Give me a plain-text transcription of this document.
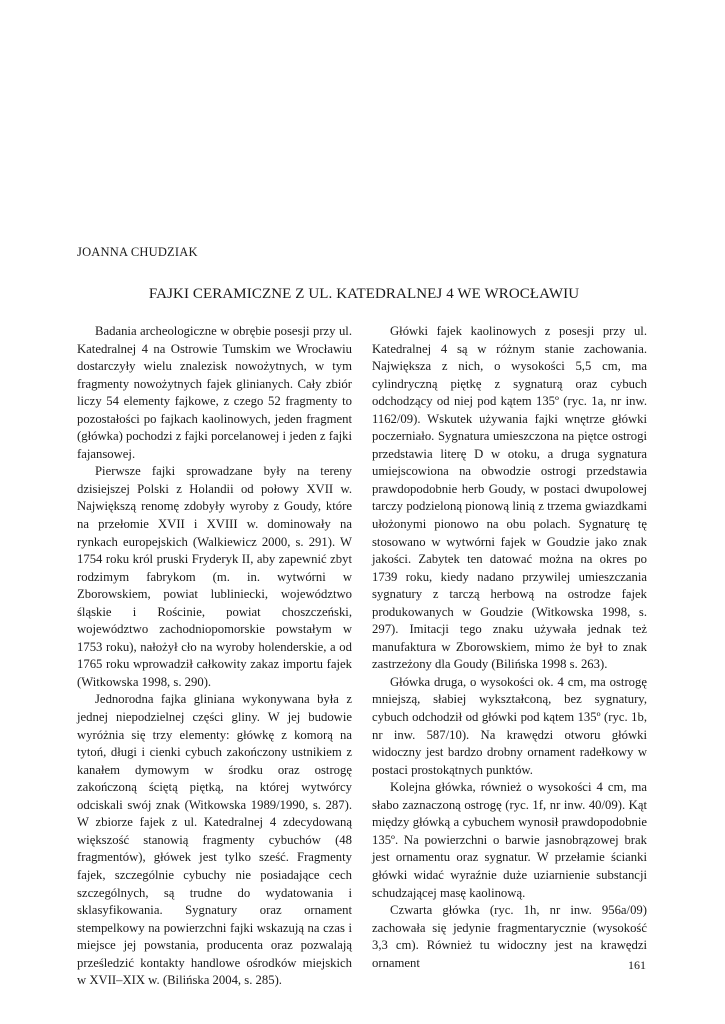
JOANNA CHUDZIAK
FAJKI CERAMICZNE Z UL. KATEDRALNEJ 4 WE WROCŁAWIU

Badania archeologiczne w obrębie posesji przy ul. Katedralnej 4 na Ostrowie Tumskim we Wrocławiu dostarczyły wielu znalezisk nowożytnych, w tym fragmenty nowożytnych fajek glinianych. Cały zbiór liczy 54 elementy fajkowe, z czego 52 fragmenty to pozostałości po fajkach kaolinowych, jeden fragment (główka) pochodzi z fajki porcelanowej i jeden z fajki fajansowej.

Pierwsze fajki sprowadzane były na tereny dzisiejszej Polski z Holandii od połowy XVII w. Największą renomę zdobyły wyroby z Goudy, które na przełomie XVII i XVIII w. dominowały na rynkach europejskich (Walkiewicz 2000, s. 291). W 1754 roku król pruski Fryderyk II, aby zapewnić zbyt rodzimym fabrykom (m. in. wytwórni w Zborowskiem, powiat lubliniecki, województwo śląskie i Rościnie, powiat choszczeński, województwo zachodniopomorskie powstałym w 1753 roku), nałożył cło na wyroby holenderskie, a od 1765 roku wprowadził całkowity zakaz importu fajek (Witkowska 1998, s. 290).

Jednorodna fajka gliniana wykonywana była z jednej niepodzielnej części gliny. W jej budowie wyróżnia się trzy elementy: główkę z komorą na tytoń, długi i cienki cybuch zakończony ustnikiem z kanałem dymowym w środku oraz ostrogę zakończoną ściętą piętką, na której wytwórcy odciskali swój znak (Witkowska 1989/1990, s. 287). W zbiorze fajek z ul. Katedralnej 4 zdecydowaną większość stanowią fragmenty cybuchów (48 fragmentów), główek jest tylko sześć. Fragmenty fajek, szczególnie cybuchy nie posiadające cech szczególnych, są trudne do wydatowania i sklasyfikowania. Sygnatury oraz ornament stempelkowy na powierzchni fajki wskazują na czas i miejsce jej powstania, producenta oraz pozwalają prześledzić kontakty handlowe ośrodków miejskich w XVII–XIX w. (Bilińska 2004, s. 285).

Główki fajek kaolinowych z posesji przy ul. Katedralnej 4 są w różnym stanie zachowania. Największa z nich, o wysokości 5,5 cm, ma cylindryczną piętkę z sygnaturą oraz cybuch odchodzący od niej pod kątem 135º (ryc. 1a, nr inw. 1162/09). Wskutek używania fajki wnętrze główki poczerniało. Sygnatura umieszczona na piętce ostrogi przedstawia literę D w otoku, a druga sygnatura umiejscowiona na obwodzie ostrogi przedstawia prawdopodobnie herb Goudy, w postaci dwupolowej tarczy podzieloną pionową linią z trzema gwiazdkami ułożonymi pionowo na obu polach. Sygnaturę tę stosowano w wytwórni fajek w Goudzie jako znak jakości. Zabytek ten datować można na okres po 1739 roku, kiedy nadano przywilej umieszczania sygnatury z tarczą herbową na ostrodze fajek produkowanych w Goudzie (Witkowska 1998, s. 297). Imitacji tego znaku używała jednak też manufaktura w Zborowskiem, mimo że był to znak zastrzeżony dla Goudy (Bilińska 1998 s. 263).

Główka druga, o wysokości ok. 4 cm, ma ostrogę mniejszą, słabiej wykształconą, bez sygnatury, cybuch odchodził od główki pod kątem 135º (ryc. 1b, nr inw. 587/10). Na krawędzi otworu główki widoczny jest bardzo drobny ornament radełkowy w postaci prostokątnych punktów.

Kolejna główka, również o wysokości 4 cm, ma słabo zaznaczoną ostrogę (ryc. 1f, nr inw. 40/09). Kąt między główką a cybuchem wynosił prawdopodobnie 135º. Na powierzchni o barwie jasnobrązowej brak jest ornamentu oraz sygnatur. W przełamie ściankі główki widać wyraźnie duże uziarnienie substancji schudzającej masę kaolinową.

Czwarta główka (ryc. 1h, nr inw. 956a/09) zachowała się jedynie fragmentarycznie (wysokość 3,3 cm). Również tu widoczny jest na krawędzi ornament	161
